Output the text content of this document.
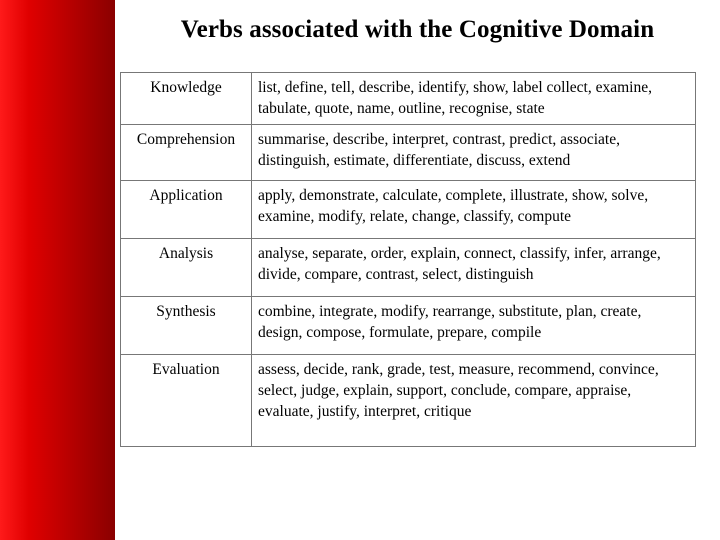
Verbs associated with the Cognitive Domain
Knowledge	list, define, tell, describe, identify, show, label collect, examine, tabulate, quote, name, outline, recognise, state
Comprehension	summarise, describe, interpret, contrast, predict, associate, distinguish, estimate, differentiate, discuss, extend
Application	apply, demonstrate, calculate, complete, illustrate, show, solve, examine, modify, relate, change, classify, compute
Analysis	analyse, separate, order, explain, connect, classify, infer, arrange, divide, compare, contrast, select, distinguish
Synthesis	combine, integrate, modify, rearrange, substitute, plan, create, design, compose, formulate, prepare, compile
Evaluation	assess, decide, rank, grade, test, measure, recommend, convince, select, judge, explain, support, conclude, compare, appraise, evaluate, justify, interpret, critique
